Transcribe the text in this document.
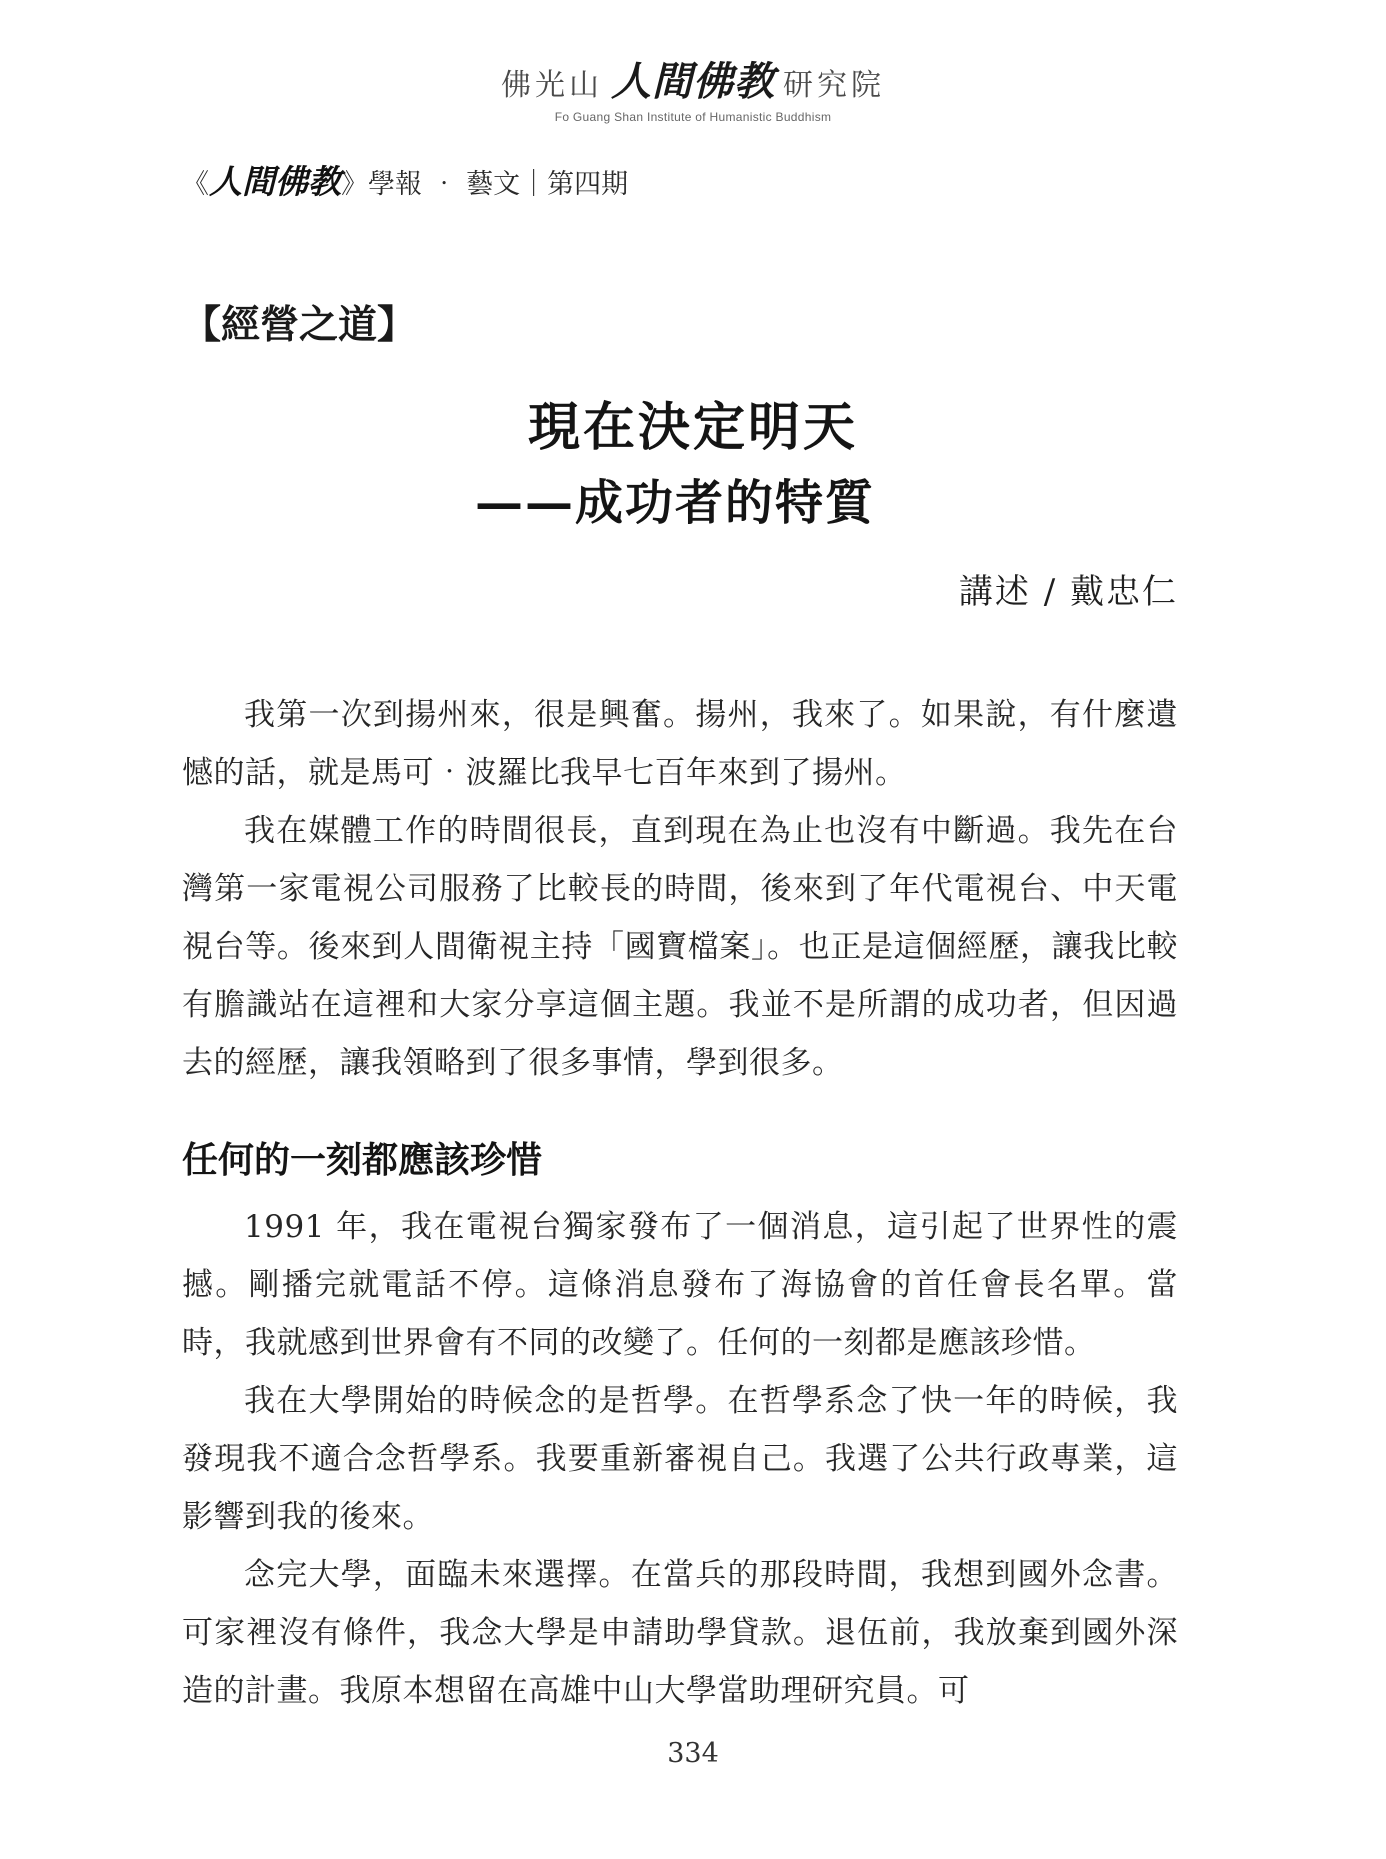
佛光山 人間佛教 研究院
Fo Guang Shan Institute of Humanistic Buddhism
《人間佛教》學報 ‧ 藝文｜第四期
【經營之道】
現在決定明天
——成功者的特質
講述 / 戴忠仁

我第一次到揚州來，很是興奮。揚州，我來了。如果說，有什麼遺憾的話，就是馬可‧波羅比我早七百年來到了揚州。

我在媒體工作的時間很長，直到現在為止也沒有中斷過。我先在台灣第一家電視公司服務了比較長的時間，後來到了年代電視台、中天電視台等。後來到人間衛視主持「國寶檔案」。也正是這個經歷，讓我比較有膽識站在這裡和大家分享這個主題。我並不是所謂的成功者，但因過去的經歷，讓我領略到了很多事情，學到很多。

任何的一刻都應該珍惜

1991 年，我在電視台獨家發布了一個消息，這引起了世界性的震撼。剛播完就電話不停。這條消息發布了海協會的首任會長名單。當時，我就感到世界會有不同的改變了。任何的一刻都是應該珍惜。

我在大學開始的時候念的是哲學。在哲學系念了快一年的時候，我發現我不適合念哲學系。我要重新審視自己。我選了公共行政專業，這影響到我的後來。

念完大學，面臨未來選擇。在當兵的那段時間，我想到國外念書。可家裡沒有條件，我念大學是申請助學貸款。退伍前，我放棄到國外深造的計畫。我原本想留在高雄中山大學當助理研究員。可

334
